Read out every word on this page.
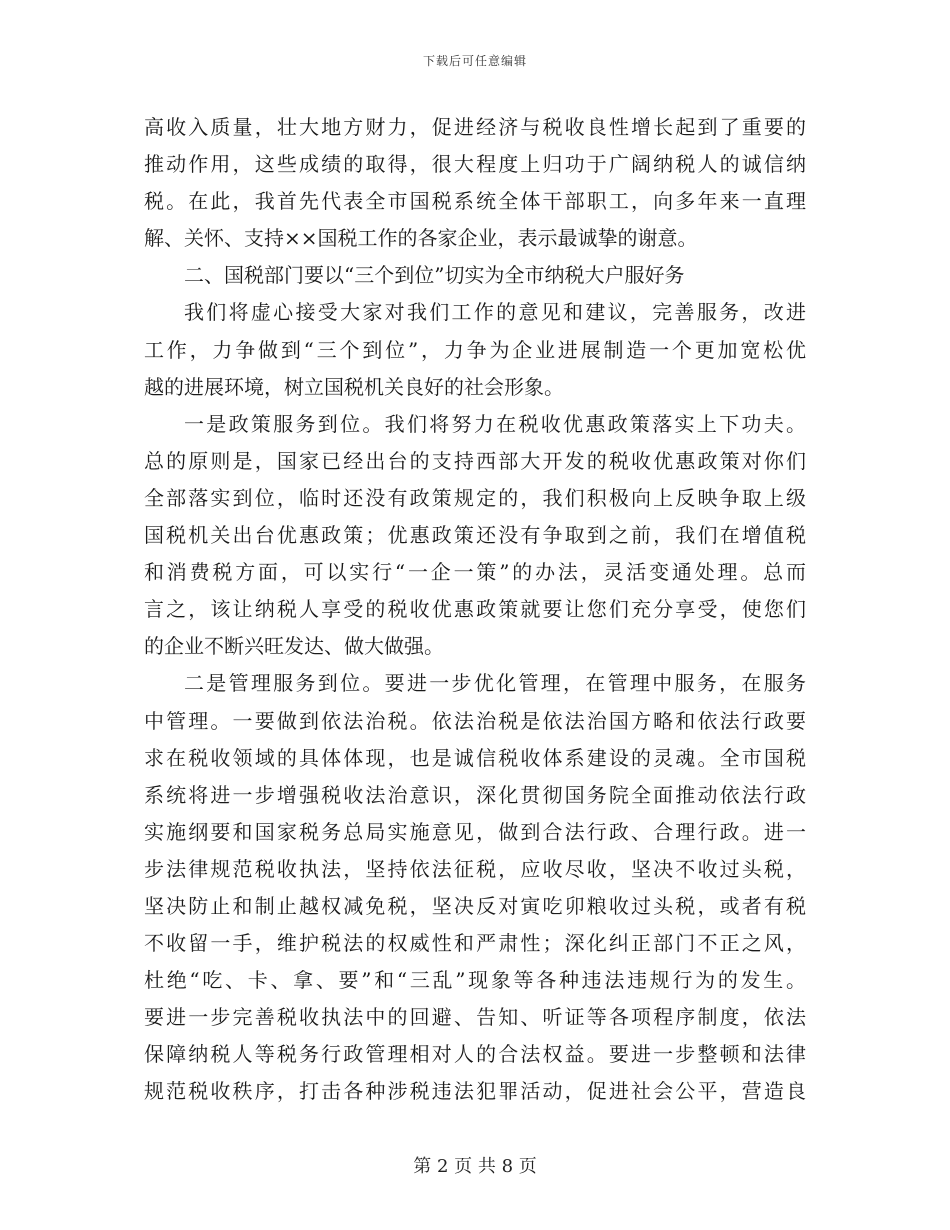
下载后可任意编辑
高收入质量，壮大地方财力，促进经济与税收良性增长起到了重要的
推动作用，这些成绩的取得，很大程度上归功于广阔纳税人的诚信纳
税。在此，我首先代表全市国税系统全体干部职工，向多年来一直理
解、关怀、支持××国税工作的各家企业，表示最诚挚的谢意。
二、国税部门要以“三个到位”切实为全市纳税大户服好务
我们将虚心接受大家对我们工作的意见和建议，完善服务，改进
工作，力争做到“三个到位”，力争为企业进展制造一个更加宽松优
越的进展环境，树立国税机关良好的社会形象。
一是政策服务到位。我们将努力在税收优惠政策落实上下功夫。
总的原则是，国家已经出台的支持西部大开发的税收优惠政策对你们
全部落实到位，临时还没有政策规定的，我们积极向上反映争取上级
国税机关出台优惠政策；优惠政策还没有争取到之前，我们在增值税
和消费税方面，可以实行“一企一策”的办法，灵活变通处理。总而
言之，该让纳税人享受的税收优惠政策就要让您们充分享受，使您们
的企业不断兴旺发达、做大做强。
二是管理服务到位。要进一步优化管理，在管理中服务，在服务
中管理。一要做到依法治税。依法治税是依法治国方略和依法行政要
求在税收领域的具体体现，也是诚信税收体系建设的灵魂。全市国税
系统将进一步增强税收法治意识，深化贯彻国务院全面推动依法行政
实施纲要和国家税务总局实施意见，做到合法行政、合理行政。进一
步法律规范税收执法，坚持依法征税，应收尽收，坚决不收过头税，
坚决防止和制止越权减免税，坚决反对寅吃卯粮收过头税，或者有税
不收留一手，维护税法的权威性和严肃性；深化纠正部门不正之风，
杜绝“吃、卡、拿、要”和“三乱”现象等各种违法违规行为的发生。
要进一步完善税收执法中的回避、告知、听证等各项程序制度，依法
保障纳税人等税务行政管理相对人的合法权益。要进一步整顿和法律
规范税收秩序，打击各种涉税违法犯罪活动，促进社会公平，营造良
第 2 页 共 8 页
